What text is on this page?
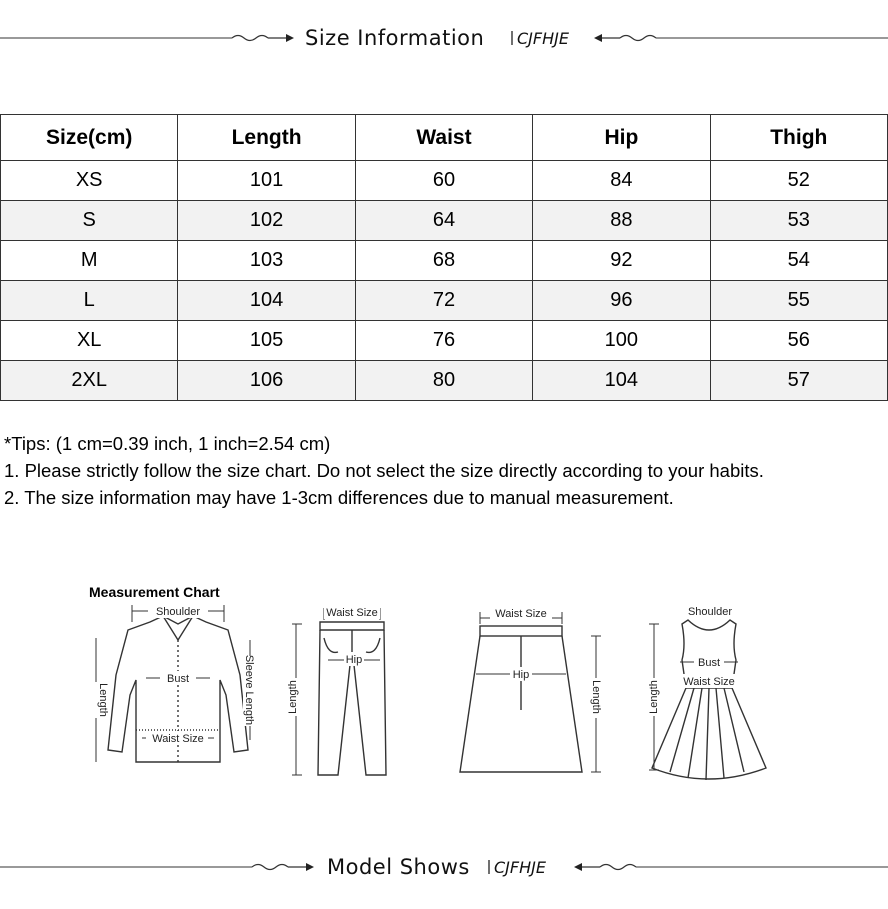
Size Information CJFHJE
Size(cm)	Length	Waist	Hip	Thigh
XS	101	60	84	52
S	102	64	88	53
M	103	68	92	54
L	104	72	96	55
XL	105	76	100	56
2XL	106	80	104	57
*Tips: (1 cm=0.39 inch, 1 inch=2.54 cm)
1. Please strictly follow the size chart. Do not select the size directly according to your habits.
2. The size information may have 1-3cm differences due to manual measurement.
Measurement Chart
Shoulder
Bust
Length	Sleeve Length
Waist Size
Waist Size
Hip
Length
Waist Size
Hip
Length
Shoulder
Bust
Waist Size
Length
Model Shows CJFHJE
